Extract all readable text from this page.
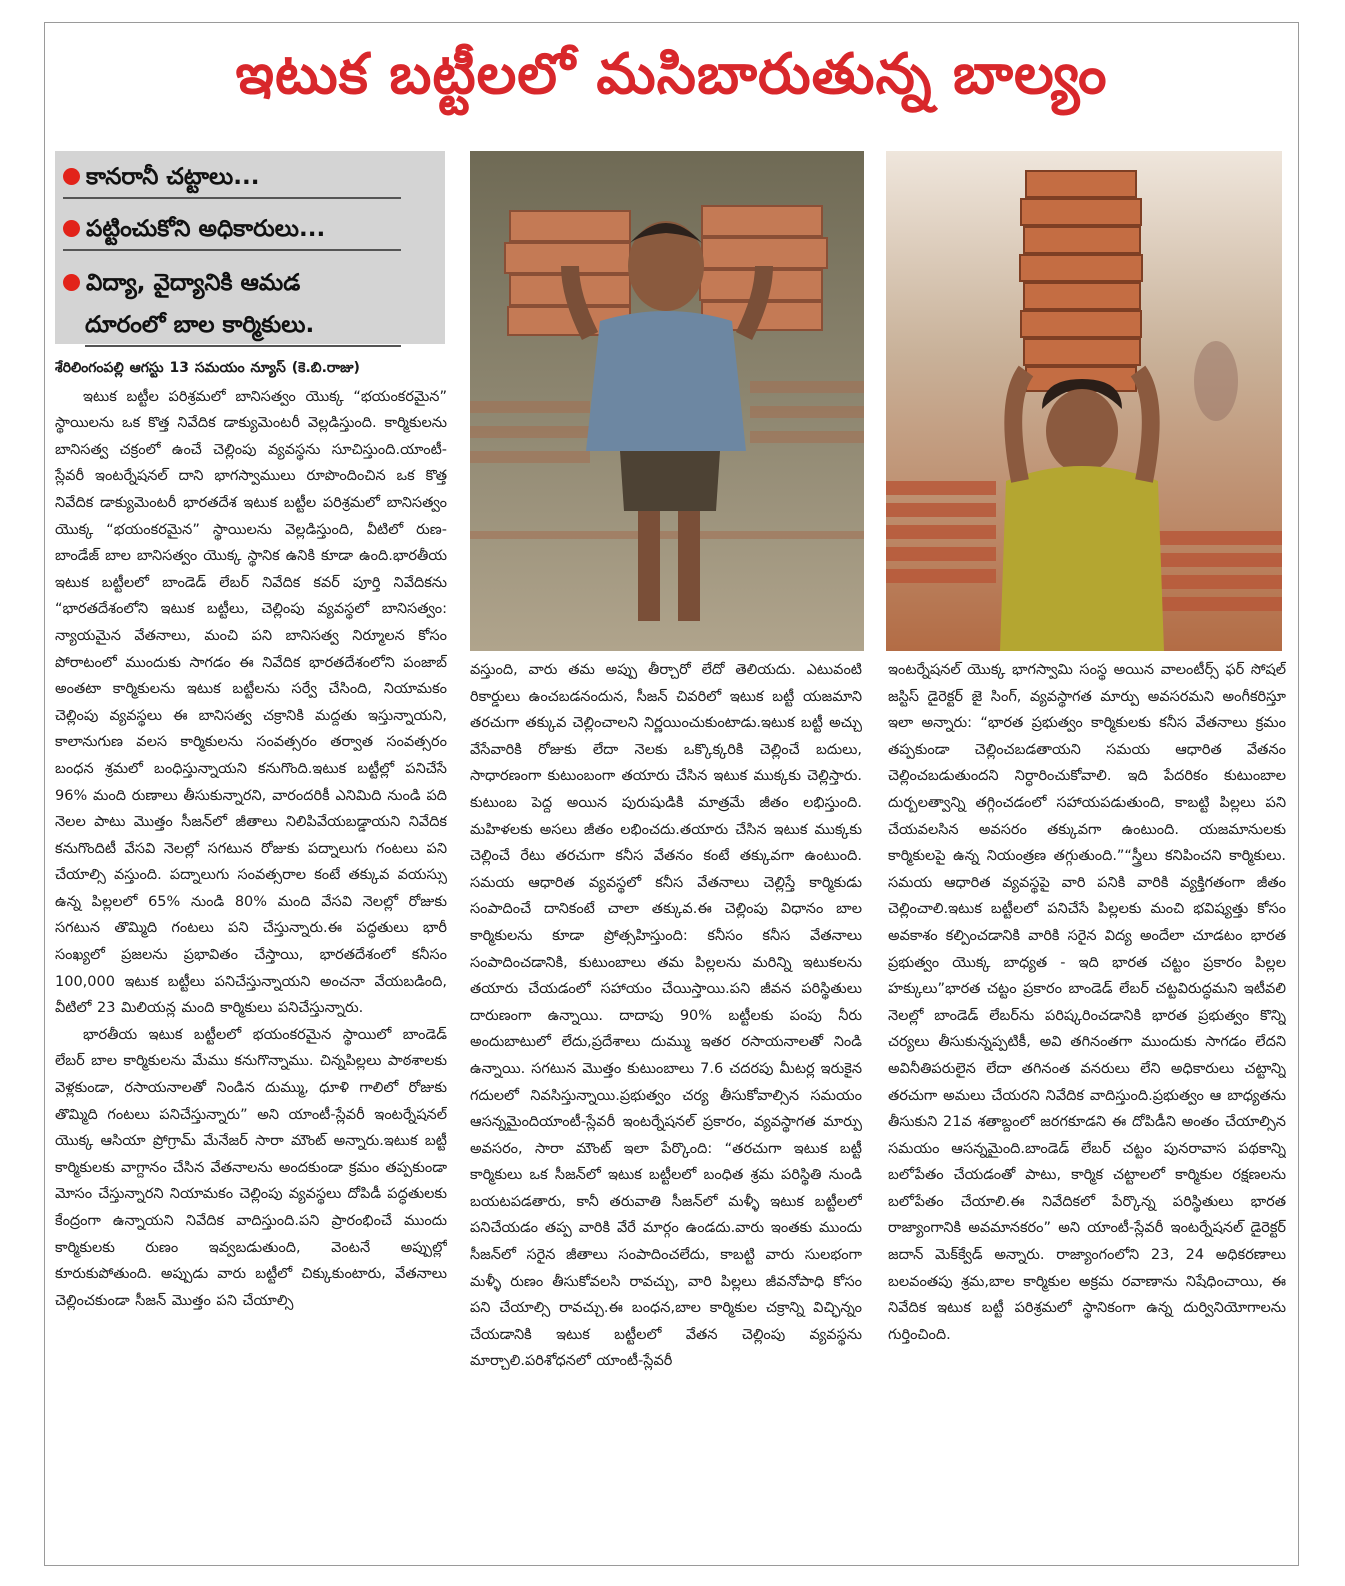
ఇటుక బట్టీలలో మసిబారుతున్న బాల్యం
కానరానీ చట్టాలు...
పట్టించుకోని అధికారులు...
విద్యా, వైద్యానికి ఆమడ
దూరంలో బాల కార్మికులు.
శేరిలింగంపల్లి ఆగస్టు 13 సమయం న్యూస్ (కె.బి.రాజు)

ఇటుక బట్టీల పరిశ్రమలో బానిసత్వం యొక్క “భయంకరమైన” స్థాయిలను ఒక కొత్త నివేదిక డాక్యుమెంటరీ వెల్లడిస్తుంది. కార్మికులను బానిసత్వ చక్రంలో ఉంచే చెల్లింపు వ్యవస్థను సూచిస్తుంది.యాంటీ-స్లేవరీ ఇంటర్నేషనల్ దాని భాగస్వాములు రూపొందించిన ఒక కొత్త నివేదిక డాక్యుమెంటరీ భారతదేశ ఇటుక బట్టీల పరిశ్రమలో బానిసత్వం యొక్క “భయంకరమైన” స్థాయిలను వెల్లడిస్తుంది, వీటిలో రుణ-బాండేజ్ బాల బానిసత్వం యొక్క స్థానిక ఉనికి కూడా ఉంది.భారతీయ ఇటుక బట్టీలలో బాండెడ్ లేబర్ నివేదిక కవర్ పూర్తి నివేదికను “భారతదేశంలోని ఇటుక బట్టీలు, చెల్లింపు వ్యవస్థలో బానిసత్వం: న్యాయమైన వేతనాలు, మంచి పని బానిసత్వ నిర్మూలన కోసం పోరాటంలో ముందుకు సాగడం ఈ నివేదిక భారతదేశంలోని పంజాబ్ అంతటా కార్మికులను ఇటుక బట్టీలను సర్వే చేసింది, నియామకం చెల్లింపు వ్యవస్థలు ఈ బానిసత్వ చక్రానికి మద్దతు ఇస్తున్నాయని, కాలానుగుణ వలస కార్మికులను సంవత్సరం తర్వాత సంవత్సరం బంధన శ్రమలో బంధిస్తున్నాయని కనుగొంది.ఇటుక బట్టీల్లో పనిచేసే 96% మంది రుణాలు తీసుకున్నారని, వారందరికీ ఎనిమిది నుండి పది నెలల పాటు మొత్తం సీజన్‌లో జీతాలు నిలిపివేయబడ్డాయని నివేదిక కనుగొందిటీ వేసవి నెలల్లో సగటున రోజుకు పద్నాలుగు గంటలు పని చేయాల్సి వస్తుంది. పద్నాలుగు సంవత్సరాల కంటే తక్కువ వయస్సు ఉన్న పిల్లలలో 65% నుండి 80% మంది వేసవి నెలల్లో రోజుకు సగటున తొమ్మిది గంటలు పని చేస్తున్నారు.ఈ పద్ధతులు భారీ సంఖ్యలో ప్రజలను ప్రభావితం చేస్తాయి, భారతదేశంలో కనీసం 100,000 ఇటుక బట్టీలు పనిచేస్తున్నాయని అంచనా వేయబడింది, వీటిలో 23 మిలియన్ల మంది కార్మికులు పనిచేస్తున్నారు.

భారతీయ ఇటుక బట్టీలలో భయంకరమైన స్థాయిలో బాండెడ్ లేబర్ బాల కార్మికులను మేము కనుగొన్నాము. చిన్నపిల్లలు పాఠశాలకు వెళ్లకుండా, రసాయనాలతో నిండిన దుమ్ము, ధూళి గాలిలో రోజుకు తొమ్మిది గంటలు పనిచేస్తున్నారు” అని యాంటీ-స్లేవరీ ఇంటర్నేషనల్ యొక్క ఆసియా ప్రోగ్రామ్ మేనేజర్ సారా మౌంట్ అన్నారు.ఇటుక బట్టీ కార్మికులకు వాగ్దానం చేసిన వేతనాలను అందకుండా క్రమం తప్పకుండా మోసం చేస్తున్నారని నియామకం చెల్లింపు వ్యవస్థలు దోపిడీ పద్ధతులకు కేంద్రంగా ఉన్నాయని నివేదిక వాదిస్తుంది.పని ప్రారంభించే ముందు కార్మికులకు రుణం ఇవ్వబడుతుంది, వెంటనే అప్పుల్లో కూరుకుపోతుంది. అప్పుడు వారు బట్టీలో చిక్కుకుంటారు, వేతనాలు చెల్లించకుండా సీజన్ మొత్తం పని చేయాల్సి

వస్తుంది, వారు తమ అప్పు తీర్చారో లేదో తెలియదు. ఎటువంటి రికార్డులు ఉంచబడనందున, సీజన్ చివరిలో ఇటుక బట్టీ యజమాని తరచుగా తక్కువ చెల్లించాలని నిర్ణయించుకుంటాడు.ఇటుక బట్టీ అచ్చు వేసేవారికి రోజుకు లేదా నెలకు ఒక్కొక్కరికి చెల్లించే బదులు, సాధారణంగా కుటుంబంగా తయారు చేసిన ఇటుక ముక్కకు చెల్లిస్తారు. కుటుంబ పెద్ద అయిన పురుషుడికి మాత్రమే జీతం లభిస్తుంది. మహిళలకు అసలు జీతం లభించదు.తయారు చేసిన ఇటుక ముక్కకు చెల్లించే రేటు తరచుగా కనీస వేతనం కంటే తక్కువగా ఉంటుంది. సమయ ఆధారిత వ్యవస్థలో కనీస వేతనాలు చెల్లిస్తే కార్మికుడు సంపాదించే దానికంటే చాలా తక్కువ.ఈ చెల్లింపు విధానం బాల కార్మికులను కూడా ప్రోత్సహిస్తుంది: కనీసం కనీస వేతనాలు సంపాదించడానికి, కుటుంబాలు తమ పిల్లలను మరిన్ని ఇటుకలను తయారు చేయడంలో సహాయం చేయిస్తాయి.పని జీవన పరిస్థితులు దారుణంగా ఉన్నాయి. దాదాపు 90% బట్టీలకు పంపు నీరు అందుబాటులో లేదు,ప్రదేశాలు దుమ్ము ఇతర రసాయనాలతో నిండి ఉన్నాయి. సగటున మొత్తం కుటుంబాలు 7.6 చదరపు మీటర్ల ఇరుకైన గదులలో నివసిస్తున్నాయి.ప్రభుత్వం చర్య తీసుకోవాల్సిన సమయం ఆసన్నమైందియాంటీ-స్లేవరీ ఇంటర్నేషనల్ ప్రకారం, వ్యవస్థాగత మార్పు అవసరం, సారా మౌంట్ ఇలా పేర్కొంది: “తరచుగా ఇటుక బట్టీ కార్మికులు ఒక సీజన్‌లో ఇటుక బట్టీలలో బంధిత శ్రమ పరిస్థితి నుండి బయటపడతారు, కానీ తరువాతి సీజన్‌లో మళ్ళీ ఇటుక బట్టీలలో పనిచేయడం తప్ప వారికి వేరే మార్గం ఉండదు.వారు ఇంతకు ముందు సీజన్‌లో సరైన జీతాలు సంపాదించలేదు, కాబట్టి వారు సులభంగా మళ్ళీ రుణం తీసుకోవలసి రావచ్చు, వారి పిల్లలు జీవనోపాధి కోసం పని చేయాల్సి రావచ్చు.ఈ బంధన,బాల కార్మికుల చక్రాన్ని విచ్ఛిన్నం చేయడానికి ఇటుక బట్టీలలో వేతన చెల్లింపు వ్యవస్థను మార్చాలి.పరిశోధనలో యాంటీ-స్లేవరీ

ఇంటర్నేషనల్ యొక్క భాగస్వామి సంస్థ అయిన వాలంటీర్స్ ఫర్ సోషల్ జస్టిస్ డైరెక్టర్ జై సింగ్, వ్యవస్థాగత మార్పు అవసరమని అంగీకరిస్తూ ఇలా అన్నారు: “భారత ప్రభుత్వం కార్మికులకు కనీస వేతనాలు క్రమం తప్పకుండా చెల్లించబడతాయని సమయ ఆధారిత వేతనం చెల్లించబడుతుందని నిర్ధారించుకోవాలి. ఇది పేదరికం కుటుంబాల దుర్బలత్వాన్ని తగ్గించడంలో సహాయపడుతుంది, కాబట్టి పిల్లలు పని చేయవలసిన అవసరం తక్కువగా ఉంటుంది. యజమానులకు కార్మికులపై ఉన్న నియంత్రణ తగ్గుతుంది.”“స్త్రీలు కనిపించని కార్మికులు. సమయ ఆధారిత వ్యవస్థపై వారి పనికి వారికి వ్యక్తిగతంగా జీతం చెల్లించాలి.ఇటుక బట్టీలలో పనిచేసే పిల్లలకు మంచి భవిష్యత్తు కోసం అవకాశం కల్పించడానికి వారికి సరైన విద్య అందేలా చూడటం భారత ప్రభుత్వం యొక్క బాధ్యత - ఇది భారత చట్టం ప్రకారం పిల్లల హక్కులు”భారత చట్టం ప్రకారం బాండెడ్ లేబర్ చట్టవిరుద్ధమని ఇటీవలి నెలల్లో బాండెడ్ లేబర్‌ను పరిష్కరించడానికి భారత ప్రభుత్వం కొన్ని చర్యలు తీసుకున్నప్పటికీ, అవి తగినంతగా ముందుకు సాగడం లేదని అవినీతిపరులైన లేదా తగినంత వనరులు లేని అధికారులు చట్టాన్ని తరచుగా అమలు చేయరని నివేదిక వాదిస్తుంది.ప్రభుత్వం ఆ బాధ్యతను తీసుకుని 21వ శతాబ్దంలో జరగకూడని ఈ దోపిడీని అంతం చేయాల్సిన సమయం ఆసన్నమైంది.బాండెడ్ లేబర్ చట్టం పునరావాస పథకాన్ని బలోపేతం చేయడంతో పాటు, కార్మిక చట్టాలలో కార్మికుల రక్షణలను బలోపేతం చేయాలి.ఈ నివేదికలో పేర్కొన్న పరిస్థితులు భారత రాజ్యాంగానికి అవమానకరం” అని యాంటీ-స్లేవరీ ఇంటర్నేషనల్ డైరెక్టర్ జదాన్ మెక్‌క్వేడ్ అన్నారు. రాజ్యాంగంలోని 23, 24 అధికరణాలు బలవంతపు శ్రమ,బాల కార్మికుల అక్రమ రవాణాను నిషేధించాయి, ఈ నివేదిక ఇటుక బట్టీ పరిశ్రమలో స్థానికంగా ఉన్న దుర్వినియోగాలను గుర్తించింది.
